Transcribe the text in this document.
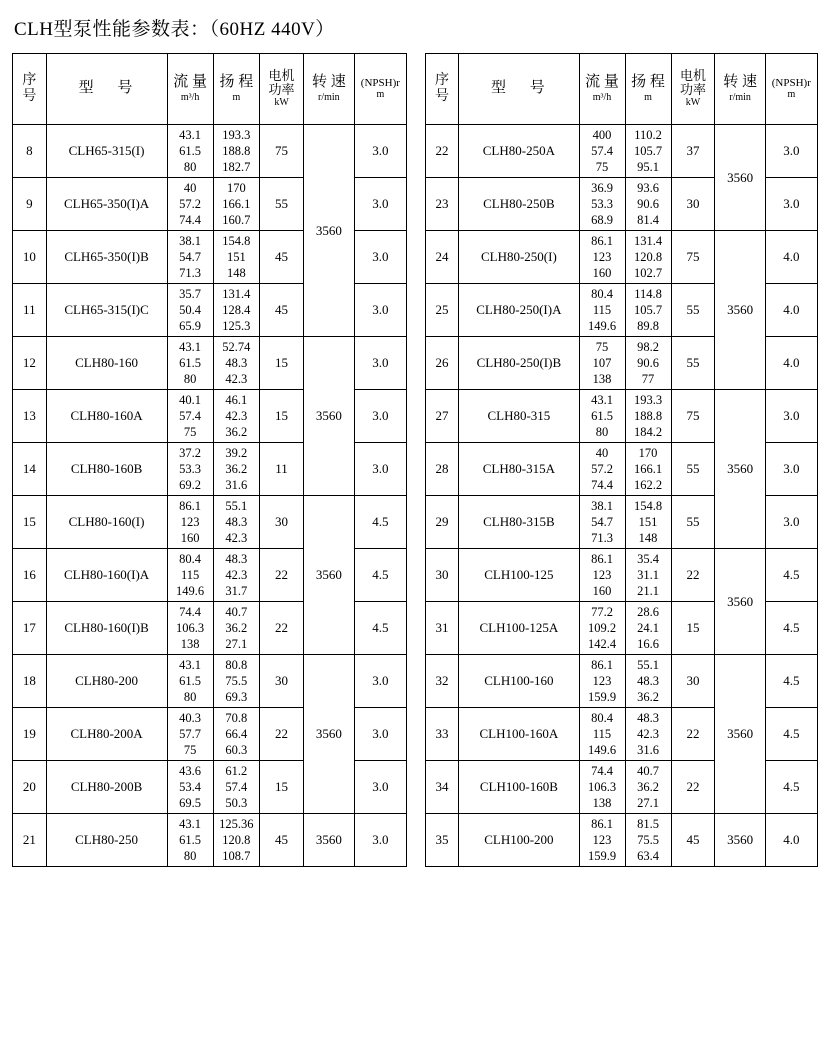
CLH型泵性能参数表：（60HZ 440V）
序
号	型 号	流 量
m³/h	扬 程
m	电机
功率
kW	转 速
r/min	(NPSH)r
m

8	CLH65-315(I)	43.1
61.5
80	193.3
188.8
182.7	75	3560	3.0
9	CLH65-350(I)A	40
57.2
74.4	170
166.1
160.7	55		3.0
10	CLH65-350(I)B	38.1
54.7
71.3	154.8
151
148	45		3.0
11	CLH65-315(I)C	35.7
50.4
65.9	131.4
128.4
125.3	45		3.0
12	CLH80-160	43.1
61.5
80	52.74
48.3
42.3	15	3560	3.0
13	CLH80-160A	40.1
57.4
75	46.1
42.3
36.2	15		3.0
14	CLH80-160B	37.2
53.3
69.2	39.2
36.2
31.6	11		3.0
15	CLH80-160(I)	86.1
123
160	55.1
48.3
42.3	30	3560	4.5
16	CLH80-160(I)A	80.4
115
149.6	48.3
42.3
31.7	22		4.5
17	CLH80-160(I)B	74.4
106.3
138	40.7
36.2
27.1	22		4.5
18	CLH80-200	43.1
61.5
80	80.8
75.5
69.3	30	3560	3.0
19	CLH80-200A	40.3
57.7
75	70.8
66.4
60.3	22		3.0
20	CLH80-200B	43.6
53.4
69.5	61.2
57.4
50.3	15		3.0
21	CLH80-250	43.1
61.5
80	125.36
120.8
108.7	45	3560	3.0
序
号	型 号	流 量
m³/h	扬 程
m	电机
功率
kW	转 速
r/min	(NPSH)r
m

22	CLH80-250A	400
57.4
75	110.2
105.7
95.1	37	3560	3.0
23	CLH80-250B	36.9
53.3
68.9	93.6
90.6
81.4	30		3.0
24	CLH80-250(I)	86.1
123
160	131.4
120.8
102.7	75	3560	4.0
25	CLH80-250(I)A	80.4
115
149.6	114.8
105.7
89.8	55		4.0
26	CLH80-250(I)B	75
107
138	98.2
90.6
77	55		4.0
27	CLH80-315	43.1
61.5
80	193.3
188.8
184.2	75	3560	3.0
28	CLH80-315A	40
57.2
74.4	170
166.1
162.2	55		3.0
29	CLH80-315B	38.1
54.7
71.3	154.8
151
148	55		3.0
30	CLH100-125	86.1
123
160	35.4
31.1
21.1	22	3560	4.5
31	CLH100-125A	77.2
109.2
142.4	28.6
24.1
16.6	15		4.5
32	CLH100-160	86.1
123
159.9	55.1
48.3
36.2	30	3560	4.5
33	CLH100-160A	80.4
115
149.6	48.3
42.3
31.6	22		4.5
34	CLH100-160B	74.4
106.3
138	40.7
36.2
27.1	22		4.5
35	CLH100-200	86.1
123
159.9	81.5
75.5
63.4	45	3560	4.0
